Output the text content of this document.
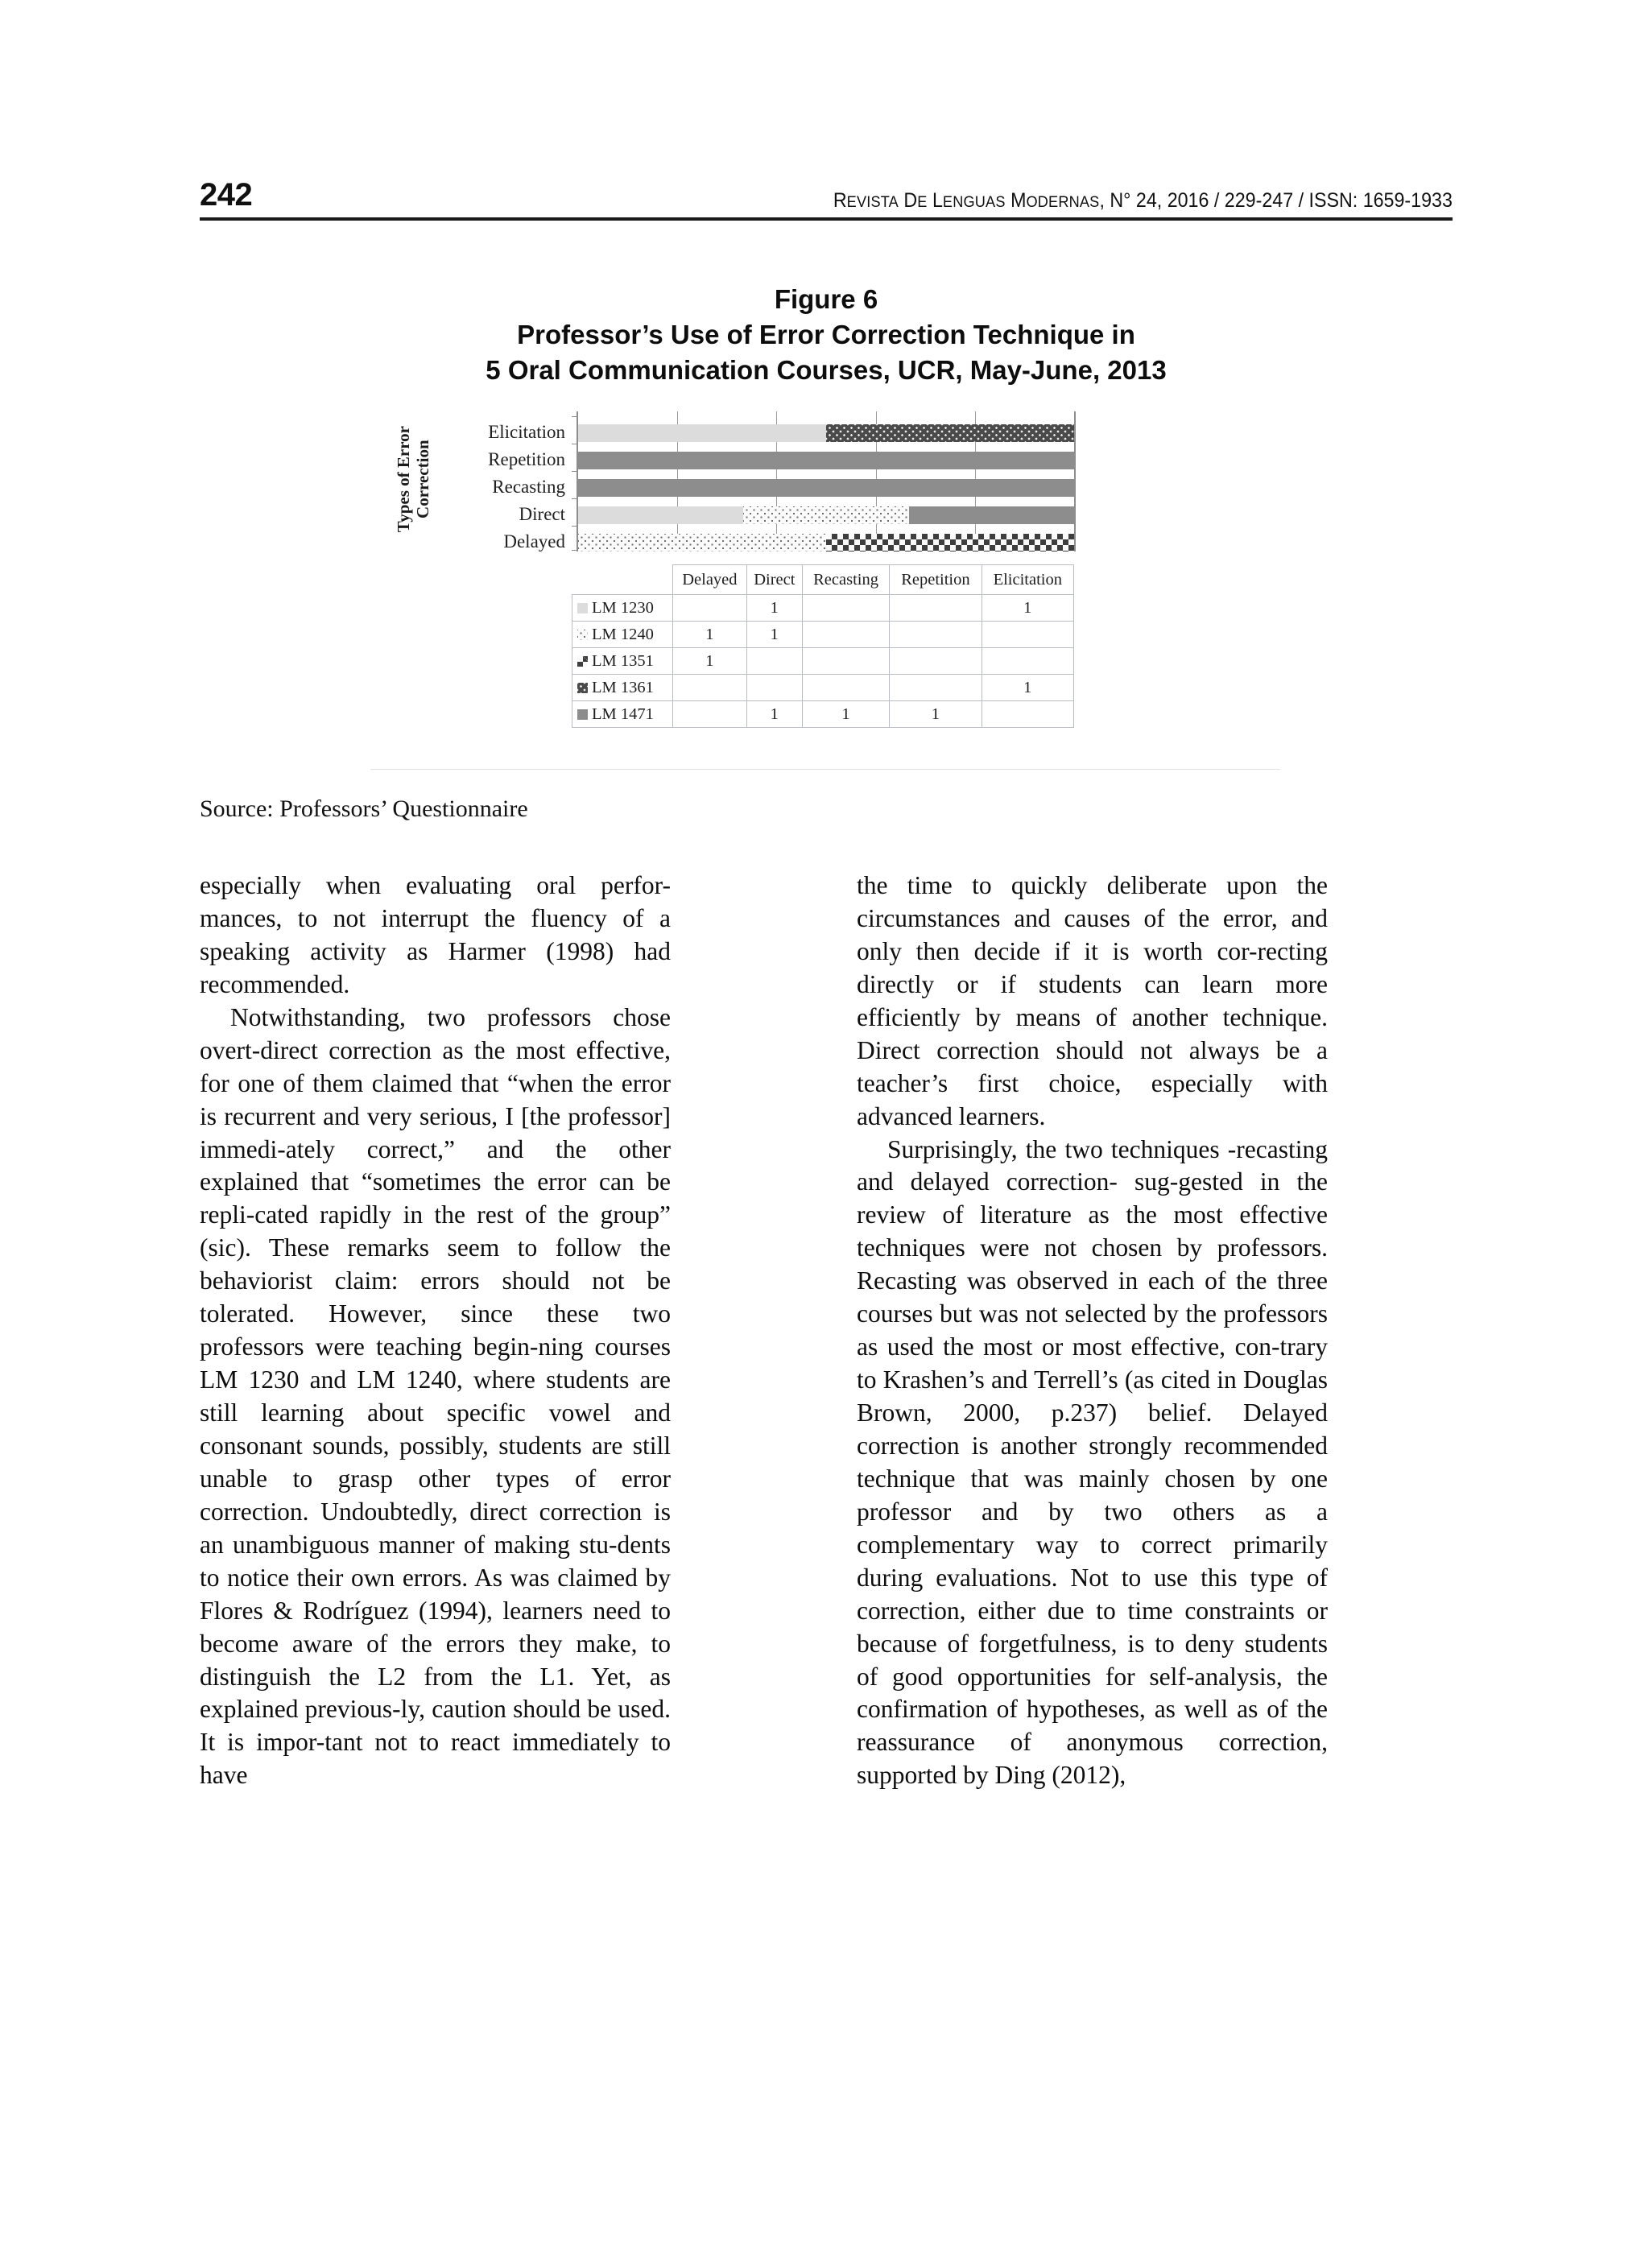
242	REVISTA DE LENGUAS MODERNAS, N° 24, 2016 / 229-247 / ISSN: 1659-1933
Figure 6
Professor’s Use of Error Correction Technique in
5 Oral Communication Courses, UCR, May-June, 2013
Types of Error Correction
Elicitation
Repetition
Recasting
Direct
Delayed
	Delayed	Direct	Recasting	Repetition	Elicitation
LM 1230		1			1
LM 1240	1	1			
LM 1351	1				
LM 1361					1
LM 1471		1	1	1	
Source: Professors’ Questionnaire

especially when evaluating oral perfor-mances, to not interrupt the fluency of a speaking activity as Harmer (1998) had recommended.

Notwithstanding, two professors chose overt-direct correction as the most effective, for one of them claimed that “when the error is recurrent and very serious, I [the professor] immedi-ately correct,” and the other explained that “sometimes the error can be repli-cated rapidly in the rest of the group” (sic). These remarks seem to follow the behaviorist claim: errors should not be tolerated. However, since these two professors were teaching begin-ning courses LM 1230 and LM 1240, where students are still learning about specific vowel and consonant sounds, possibly, students are still unable to grasp other types of error correction. Undoubtedly, direct correction is an unambiguous manner of making stu-dents to notice their own errors. As was claimed by Flores & Rodríguez (1994), learners need to become aware of the errors they make, to distinguish the L2 from the L1. Yet, as explained previous-ly, caution should be used. It is impor-tant not to react immediately to have

the time to quickly deliberate upon the circumstances and causes of the error, and only then decide if it is worth cor-recting directly or if students can learn more efficiently by means of another technique. Direct correction should not always be a teacher’s first choice, especially with advanced learners.

Surprisingly, the two techniques -recasting and delayed correction- sug-gested in the review of literature as the most effective techniques were not chosen by professors. Recasting was observed in each of the three courses but was not selected by the professors as used the most or most effective, con-trary to Krashen’s and Terrell’s (as cited in Douglas Brown, 2000, p.237) belief. Delayed correction is another strongly recommended technique that was mainly chosen by one professor and by two others as a complementary way to correct primarily during evaluations. Not to use this type of correction, either due to time constraints or because of forgetfulness, is to deny students of good opportunities for self-analysis, the confirmation of hypotheses, as well as of the reassurance of anonymous correction, supported by Ding (2012),
